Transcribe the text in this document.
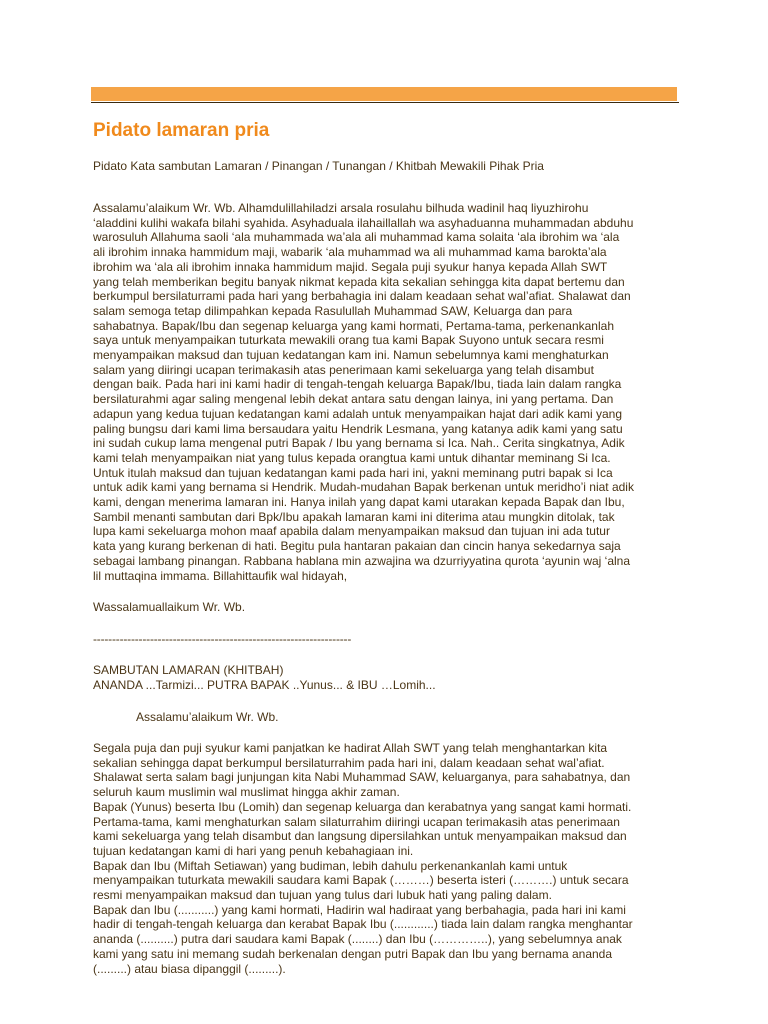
Pidato lamaran pria

Pidato Kata sambutan Lamaran / Pinangan / Tunangan / Khitbah Mewakili Pihak Pria

Assalamu’alaikum Wr. Wb. Alhamdulillahiladzi arsala rosulahu bilhuda wadinil haq liyuzhirohu
‘aladdini kulihi wakafa bilahi syahida. Asyhaduala ilahaillallah wa asyhaduanna muhammadan abduhu
warosuluh Allahuma saoli ‘ala muhammada wa’ala ali muhammad kama solaita ‘ala ibrohim wa ‘ala
ali ibrohim innaka hammidum maji, wabarik ‘ala muhammad wa ali muhammad kama barokta’ala
ibrohim wa ‘ala ali ibrohim innaka hammidum majid. Segala puji syukur hanya kepada Allah SWT
yang telah memberikan begitu banyak nikmat kepada kita sekalian sehingga kita dapat bertemu dan
berkumpul bersilaturrami pada hari yang berbahagia ini dalam keadaan sehat wal’afiat. Shalawat dan
salam semoga tetap dilimpahkan kepada Rasulullah Muhammad SAW, Keluarga dan para
sahabatnya. Bapak/Ibu dan segenap keluarga yang kami hormati, Pertama-tama, perkenankanlah
saya untuk menyampaikan tuturkata mewakili orang tua kami Bapak Suyono untuk secara resmi
menyampaikan maksud dan tujuan kedatangan kam ini. Namun sebelumnya kami menghaturkan
salam yang diiringi ucapan terimakasih atas penerimaan kami sekeluarga yang telah disambut
dengan baik. Pada hari ini kami hadir di tengah-tengah keluarga Bapak/Ibu, tiada lain dalam rangka
bersilaturahmi agar saling mengenal lebih dekat antara satu dengan lainya, ini yang pertama. Dan
adapun yang kedua tujuan kedatangan kami adalah untuk menyampaikan hajat dari adik kami yang
paling bungsu dari kami lima bersaudara yaitu Hendrik Lesmana, yang katanya adik kami yang satu
ini sudah cukup lama mengenal putri Bapak / Ibu yang bernama si Ica. Nah.. Cerita singkatnya, Adik
kami telah menyampaikan niat yang tulus kepada orangtua kami untuk dihantar meminang Si Ica.
Untuk itulah maksud dan tujuan kedatangan kami pada hari ini, yakni meminang putri bapak si Ica
untuk adik kami yang bernama si Hendrik. Mudah-mudahan Bapak berkenan untuk meridho’i niat adik
kami, dengan menerima lamaran ini. Hanya inilah yang dapat kami utarakan kepada Bapak dan Ibu,
Sambil menanti sambutan dari Bpk/Ibu apakah lamaran kami ini diterima atau mungkin ditolak, tak
lupa kami sekeluarga mohon maaf apabila dalam menyampaikan maksud dan tujuan ini ada tutur
kata yang kurang berkenan di hati. Begitu pula hantaran pakaian dan cincin hanya sekedarnya saja
sebagai lambang pinangan. Rabbana hablana min azwajina wa dzurriyyatina qurota ‘ayunin waj ‘alna
lil muttaqina immama. Billahittaufik wal hidayah,

Wassalamuallaikum Wr. Wb.

--------------------------------------------------------------------

SAMBUTAN LAMARAN (KHITBAH)

ANANDA ...Tarmizi... PUTRA BAPAK ..Yunus... & IBU …Lomih...

Assalamu’alaikum Wr. Wb.

Segala puja dan puji syukur kami panjatkan ke hadirat Allah SWT yang telah menghantarkan kita
sekalian sehingga dapat berkumpul bersilaturrahim pada hari ini, dalam keadaan sehat wal’afiat.
Shalawat serta salam bagi junjungan kita Nabi Muhammad SAW, keluarganya, para sahabatnya, dan
seluruh kaum muslimin wal muslimat hingga akhir zaman.
Bapak (Yunus) beserta Ibu (Lomih) dan segenap keluarga dan kerabatnya yang sangat kami hormati.
Pertama-tama, kami menghaturkan salam silaturrahim diiringi ucapan terimakasih atas penerimaan
kami sekeluarga yang telah disambut dan langsung dipersilahkan untuk menyampaikan maksud dan
tujuan kedatangan kami di hari yang penuh kebahagiaan ini.
Bapak dan Ibu (Miftah Setiawan) yang budiman, lebih dahulu perkenankanlah kami untuk
menyampaikan tuturkata mewakili saudara kami Bapak (………) beserta isteri (……….) untuk secara
resmi menyampaikan maksud dan tujuan yang tulus dari lubuk hati yang paling dalam.
Bapak dan Ibu (...........) yang kami hormati, Hadirin wal hadiraat yang berbahagia, pada hari ini kami
hadir di tengah-tengah keluarga dan kerabat Bapak Ibu (............) tiada lain dalam rangka menghantar
ananda (..........) putra dari saudara kami Bapak (........) dan Ibu (…………..), yang sebelumnya anak
kami yang satu ini memang sudah berkenalan dengan putri Bapak dan Ibu yang bernama ananda
(.........) atau biasa dipanggil (.........).
